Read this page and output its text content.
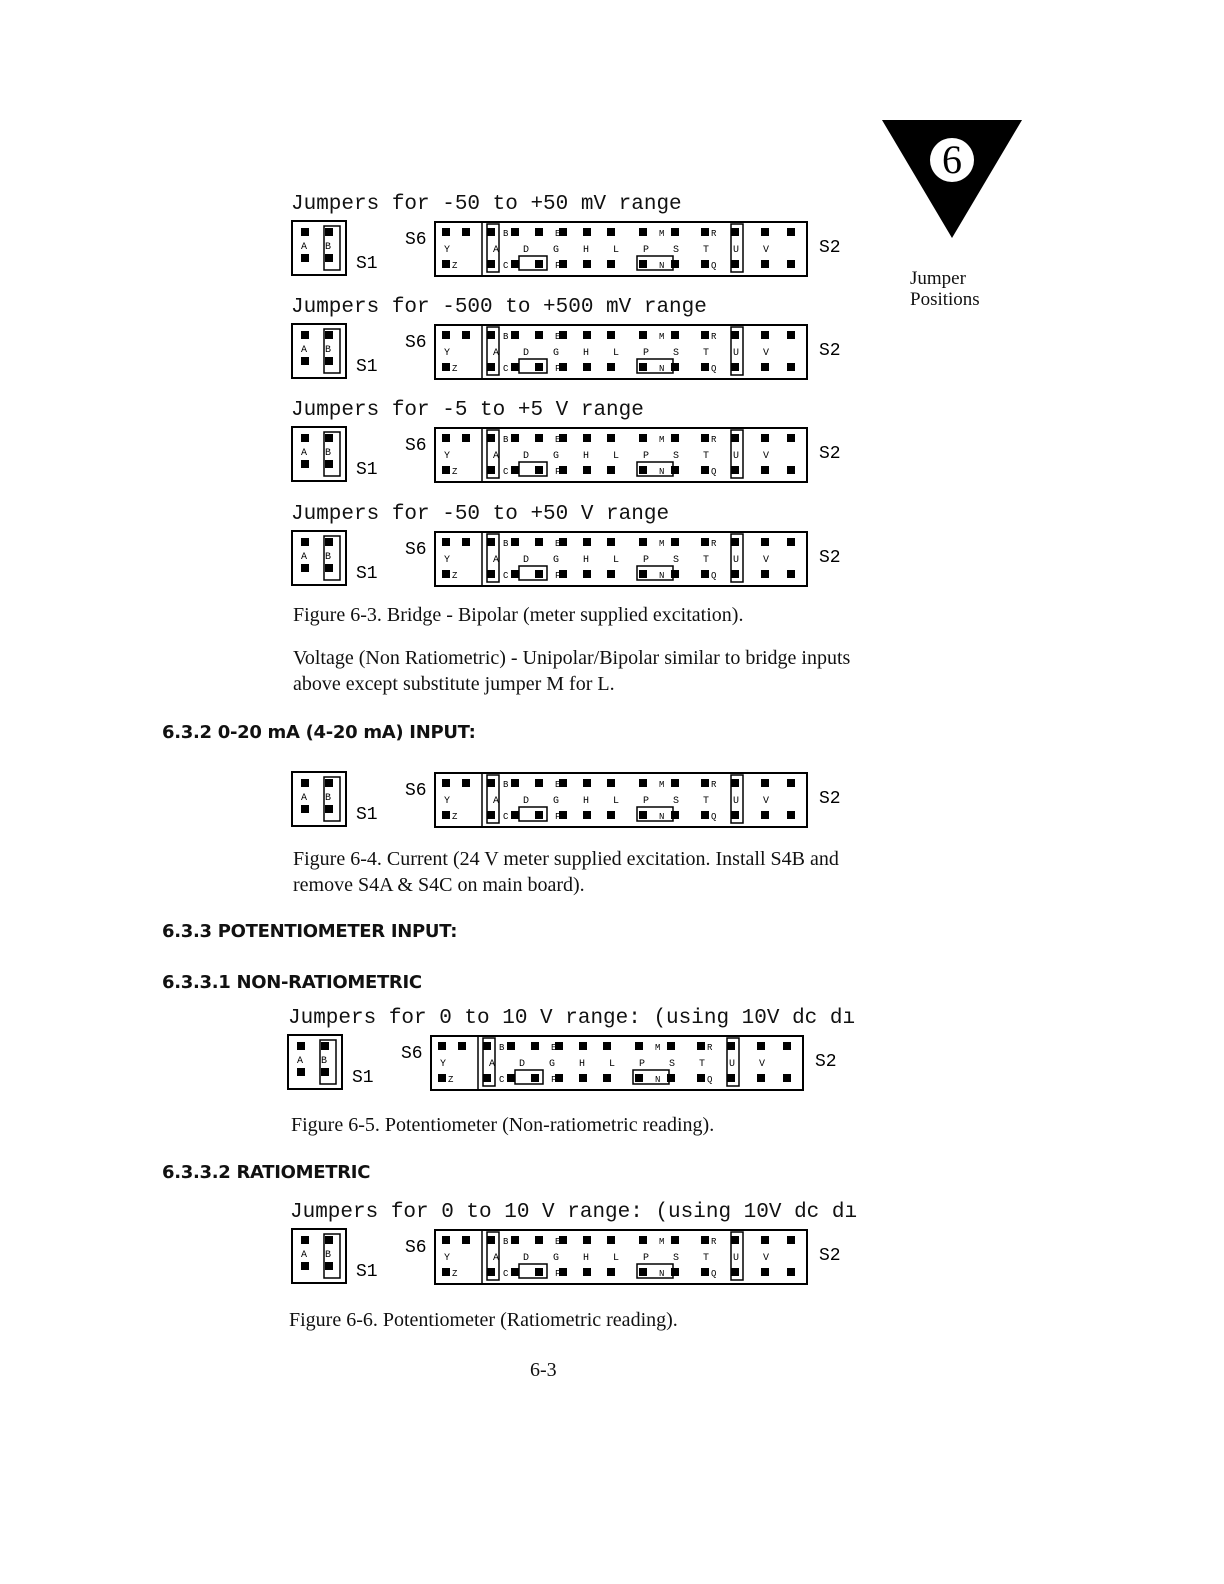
6
Jumper
Positions
Jumpers for -50 to +50 mV range
A B
S1
S6
Y
Z
B	E	K	M	R
A D G H L P S T U V
C	F	J	N	Q
S2
Jumpers for -500 to +500 mV range
A B
S1
S6
Y
Z
B	E	K	M	R
A D G H L P S T U V
C	F	J	N	Q
S2
Jumpers for -5 to +5 V range
A B
S1
S6
Y
Z
B	E	K	M	R
A D G H L P S T U V
C	F	J	N	Q
S2
Jumpers for -50 to +50 V range
A B
S1
S6
Y
Z
B	E	K	M	R
A D G H L P S T U V
C	F	J	N	Q
S2
Figure 6-3. Bridge - Bipolar (meter supplied excitation).
Voltage (Non Ratiometric) - Unipolar/Bipolar similar to bridge inputs above except substitute jumper M for L.
6.3.2 0-20 mA (4-20 mA) INPUT:
A B
S1
S6
Y
Z
B	E	K	M	R
A D G H L P S T U V
C	F	J	N	Q
S2
Figure 6-4. Current (24 V meter supplied excitation. Install S4B and remove S4A & S4C on main board).
6.3.3 POTENTIOMETER INPUT:
6.3.3.1 NON-RATIOMETRIC
Jumpers for 0 to 10 V range: (using 10V dc dı
A B
S1
S6
Y
Z
B	E	K	M	R
A D G H L P S T U V
C	F	J	N	Q
S2
Figure 6-5. Potentiometer (Non-ratiometric reading).
6.3.3.2 RATIOMETRIC
Jumpers for 0 to 10 V range: (using 10V dc dı
A B
S1
S6
Y
Z
B	E	K	M	R
A D G H L P S T U V
C	F	J	N	Q
S2
Figure 6-6. Potentiometer (Ratiometric reading).
6-3
